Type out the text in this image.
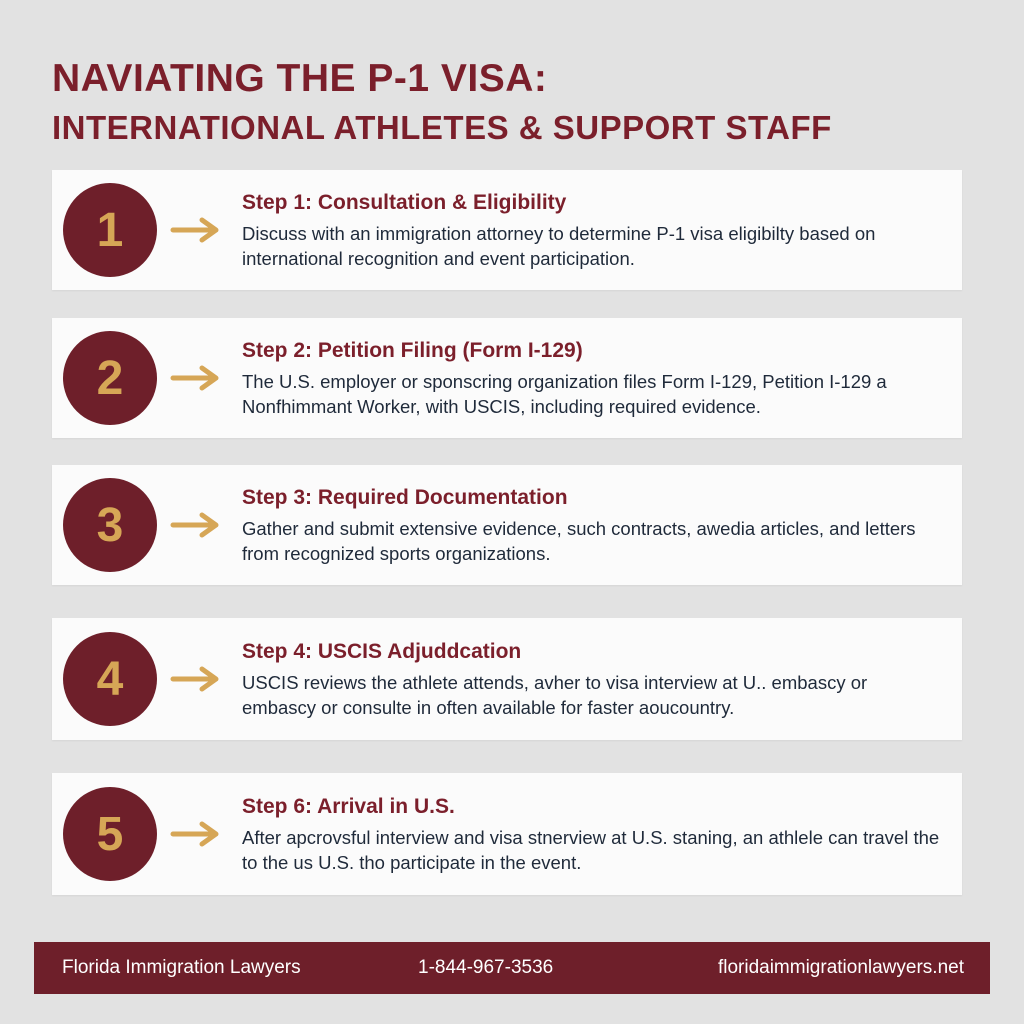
NAVIATING THE P-1 VISA:
INTERNATIONAL ATHLETES & SUPPORT STAFF
1
Step 1: Consultation & Eligibility
Discuss with an immigration attorney to determine P-1 visa eligibilty based on international recognition and event participation.
2
Step 2: Petition Filing (Form I-129)
The U.S. employer or sponscring organization files Form I-129, Petition I-129 a Nonfhimmant Worker, with USCIS, including required evidence.
3
Step 3: Required Documentation
Gather and submit extensive evidence, such contracts, awedia articles, and letters from recognized sports organizations.
4
Step 4: USCIS Adjuddcation
USCIS reviews the athlete attends, avher to visa interview at U.. embascy or embascy or consulte in often available for faster aoucountry.
5
Step 6: Arrival in U.S.
After apcrovsful interview and visa stnerview at U.S. staning, an athlele can travel the to the us U.S. tho participate in the event.
Florida Immigration Lawyers	1-844-967-3536	floridaimmigrationlawyers.net
